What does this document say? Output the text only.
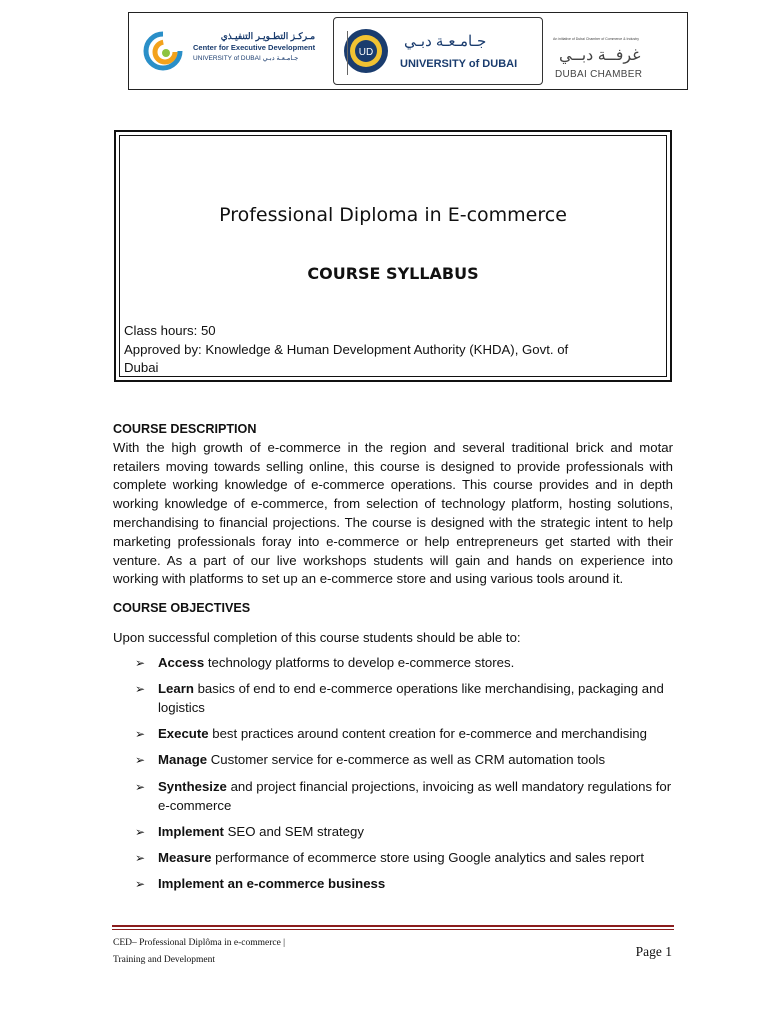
مـركـز التطـويـر التنفيـذي
Center for Executive Development
UNIVERSITY of DUBAI جـامـعـة دبـي
UD
جـامـعـة دبـي
UNIVERSITY of DUBAI
An initiative of Dubai Chamber of Commerce & Industry
غرفــة دبــي
DUBAI CHAMBER
Professional Diploma in E-commerce
COURSE SYLLABUS
Class hours: 50
Approved by: Knowledge & Human Development Authority (KHDA), Govt. of Dubai
COURSE DESCRIPTION

With the high growth of e-commerce in the region and several traditional brick and motar retailers moving towards selling online, this course is designed to provide professionals with complete working knowledge of e-commerce operations. This course provides and in depth working knowledge of e-commerce, from selection of technology platform, hosting solutions, merchandising to financial projections. The course is designed with the strategic intent to help marketing professionals foray into e-commerce or help entrepreneurs get started with their venture. As a part of our live workshops students will gain and hands on experience into working with platforms to set up an e-commerce store and using various tools around it.

COURSE OBJECTIVES
Upon successful completion of this course students should be able to:
➢ Access technology platforms to develop e-commerce stores.
➢ Learn basics of end to end e-commerce operations like merchandising, packaging and logistics
➢ Execute best practices around content creation for e-commerce and merchandising
➢ Manage Customer service for e-commerce as well as CRM automation tools
➢ Synthesize and project financial projections, invoicing as well mandatory regulations for e-commerce
➢ Implement SEO and SEM strategy
➢ Measure performance of ecommerce store using Google analytics and sales report
➢ Implement an e-commerce business
CED– Professional Diplôma in e-commerce |
Training and Development
Page 1
